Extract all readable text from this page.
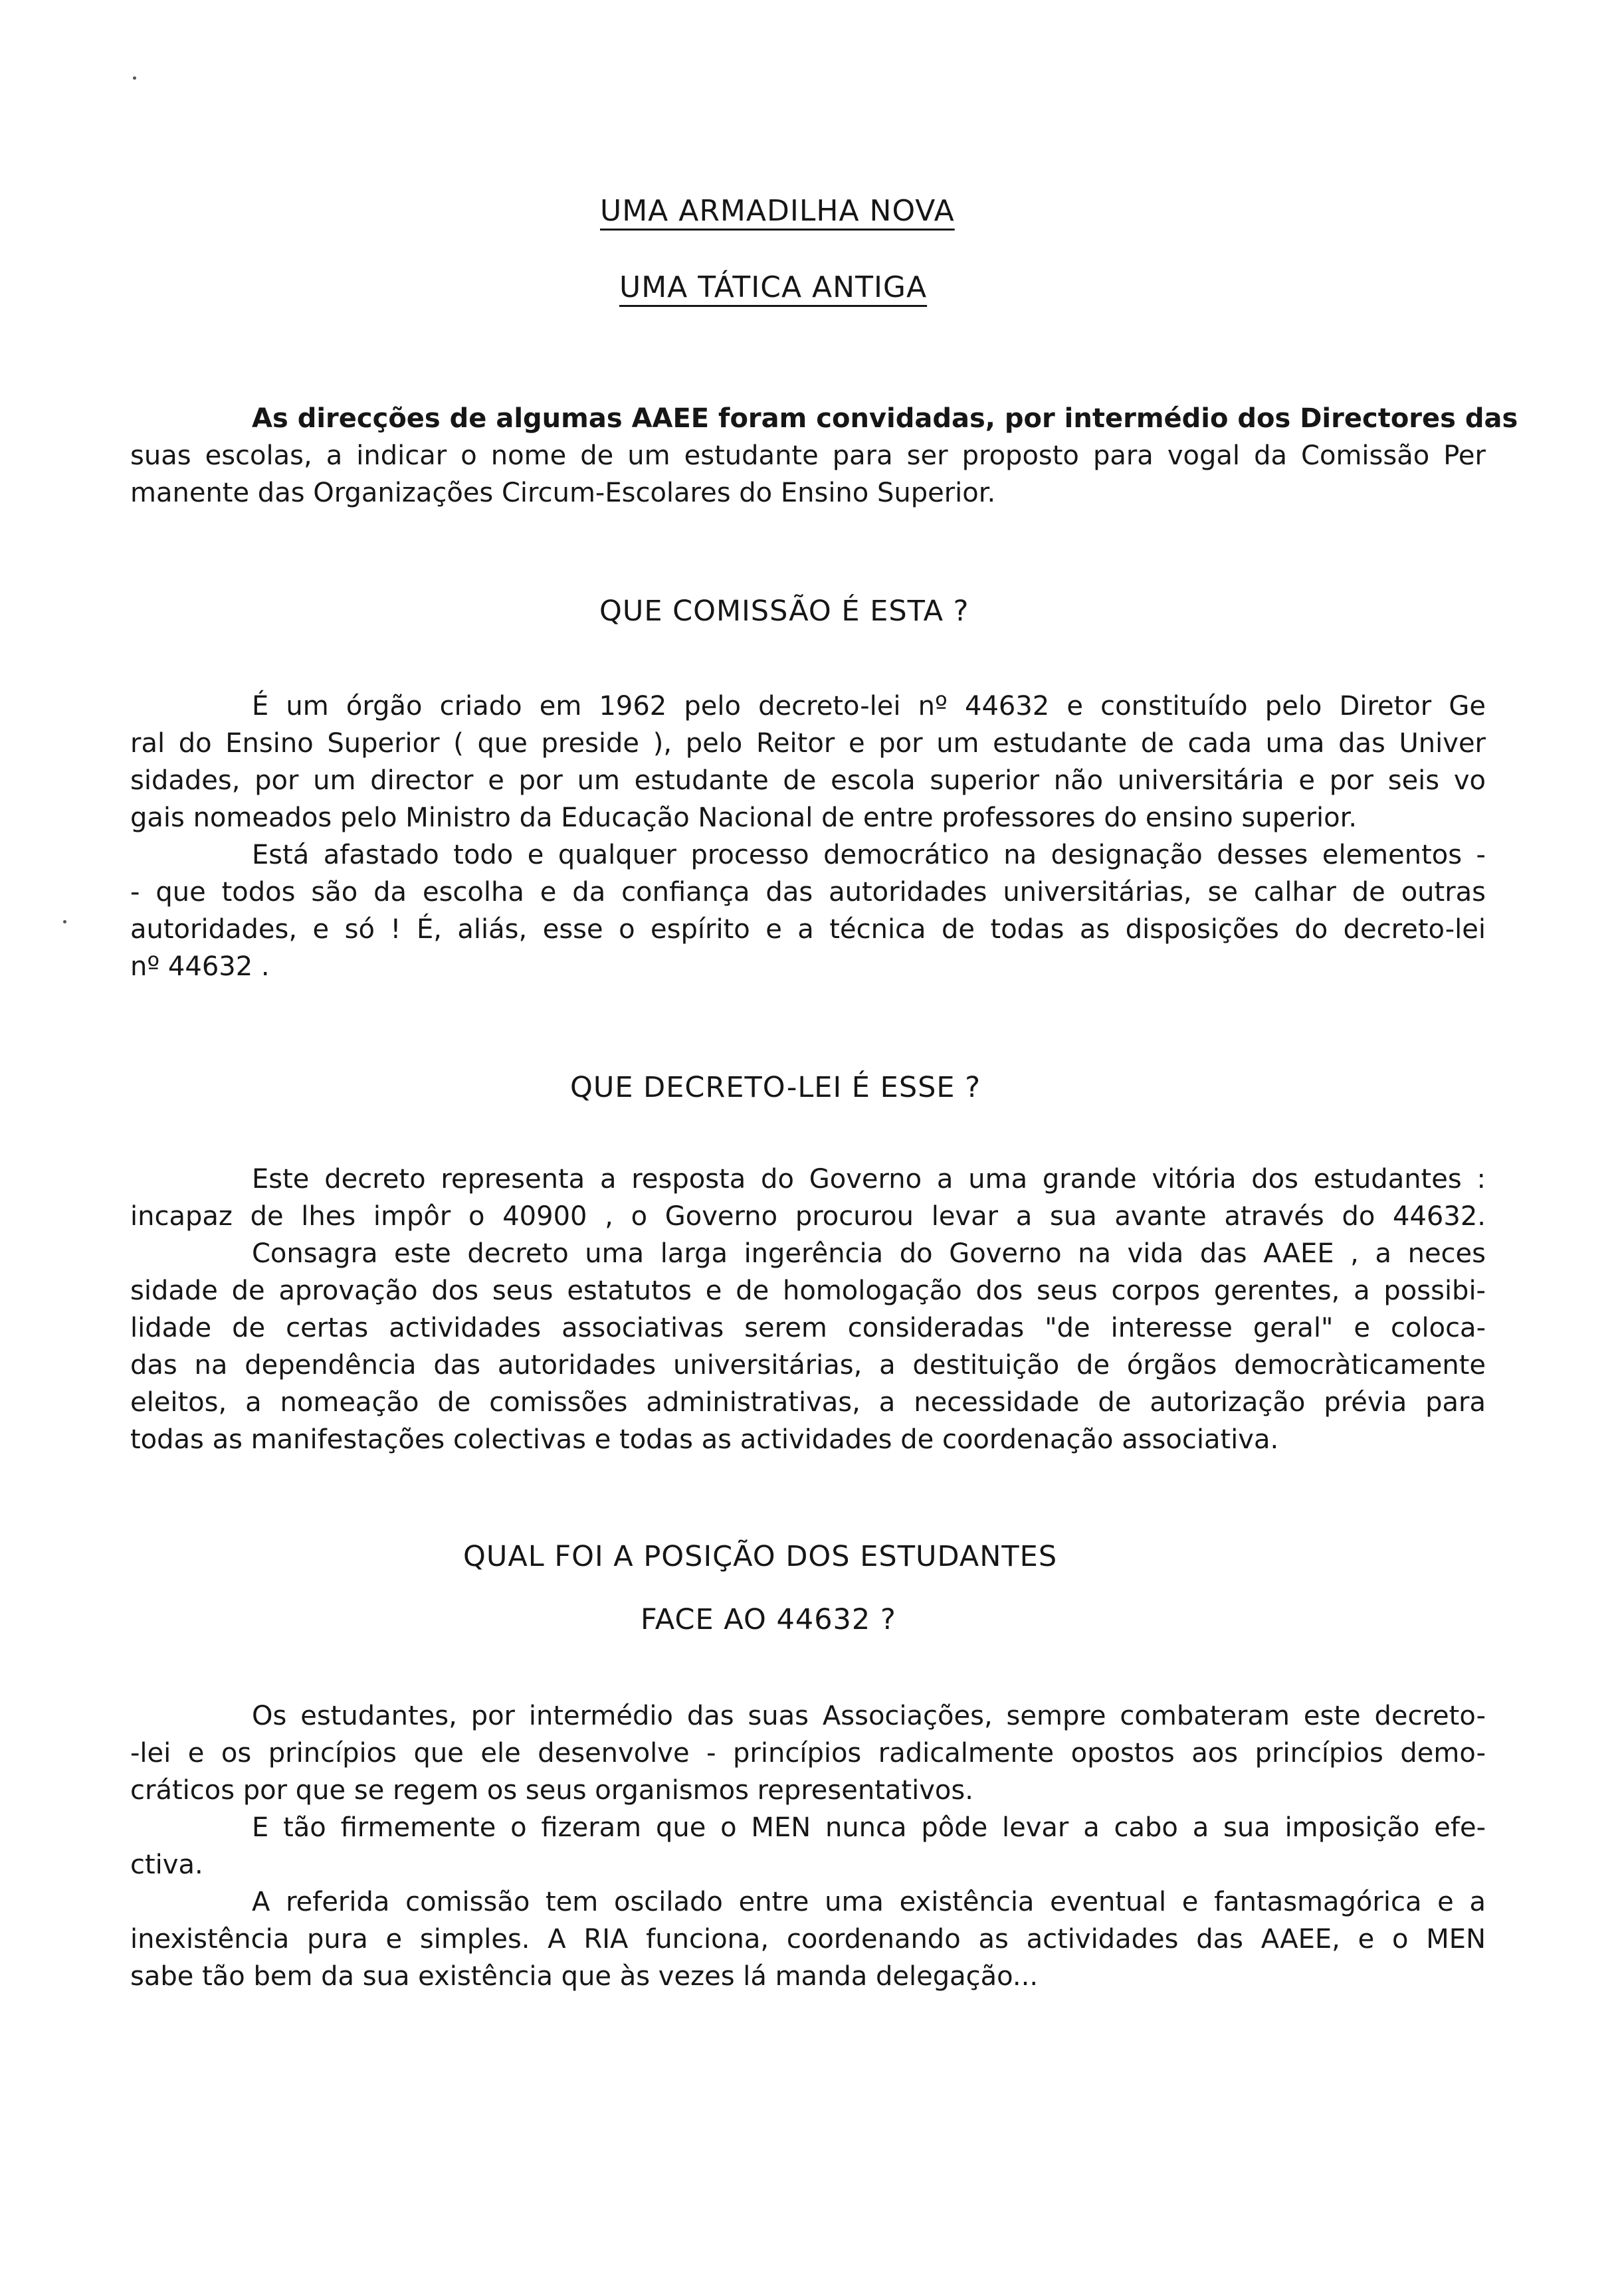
UMA ARMADILHA NOVA
UMA TÁTICA ANTIGA
As direcções de algumas AAEE foram convidadas, por intermédio dos Directores das
suas escolas, a indicar o nome de um estudante para ser proposto para vogal da Comissão Per
manente das Organizações Circum-Escolares do Ensino Superior.
QUE COMISSÃO É ESTA ?
É um órgão criado em 1962 pelo decreto-lei nº 44632 e constituído pelo Diretor Ge
ral do Ensino Superior ( que preside ), pelo Reitor e por um estudante de cada uma das Univer
sidades, por um director e por um estudante de escola superior não universitária e por seis vo
gais nomeados pelo Ministro da Educação Nacional de entre professores do ensino superior.
Está afastado todo e qualquer processo democrático na designação desses elementos -
- que todos são da escolha e da confiança das autoridades universitárias, se calhar de outras
autoridades, e só ! É, aliás, esse o espírito e a técnica de todas as disposições do decreto-lei
nº 44632 .
QUE DECRETO-LEI É ESSE ?
Este decreto representa a resposta do Governo a uma grande vitória dos estudantes :
incapaz de lhes impôr o 40900 , o Governo procurou levar a sua avante através do 44632.
Consagra este decreto uma larga ingerência do Governo na vida das AAEE , a neces
sidade de aprovação dos seus estatutos e de homologação dos seus corpos gerentes, a possibi-
lidade de certas actividades associativas serem consideradas "de interesse geral" e coloca-
das na dependência das autoridades universitárias, a destituição de órgãos democràticamente
eleitos, a nomeação de comissões administrativas, a necessidade de autorização prévia para
todas as manifestações colectivas e todas as actividades de coordenação associativa.
QUAL FOI A POSIÇÃO DOS ESTUDANTES
FACE AO 44632 ?
Os estudantes, por intermédio das suas Associações, sempre combateram este decreto-
-lei e os princípios que ele desenvolve - princípios radicalmente opostos aos princípios demo-
cráticos por que se regem os seus organismos representativos.
E tão firmemente o fizeram que o MEN nunca pôde levar a cabo a sua imposição efe-
ctiva.
A referida comissão tem oscilado entre uma existência eventual e fantasmagórica e a
inexistência pura e simples. A RIA funciona, coordenando as actividades das AAEE, e o MEN
sabe tão bem da sua existência que às vezes lá manda delegação...
